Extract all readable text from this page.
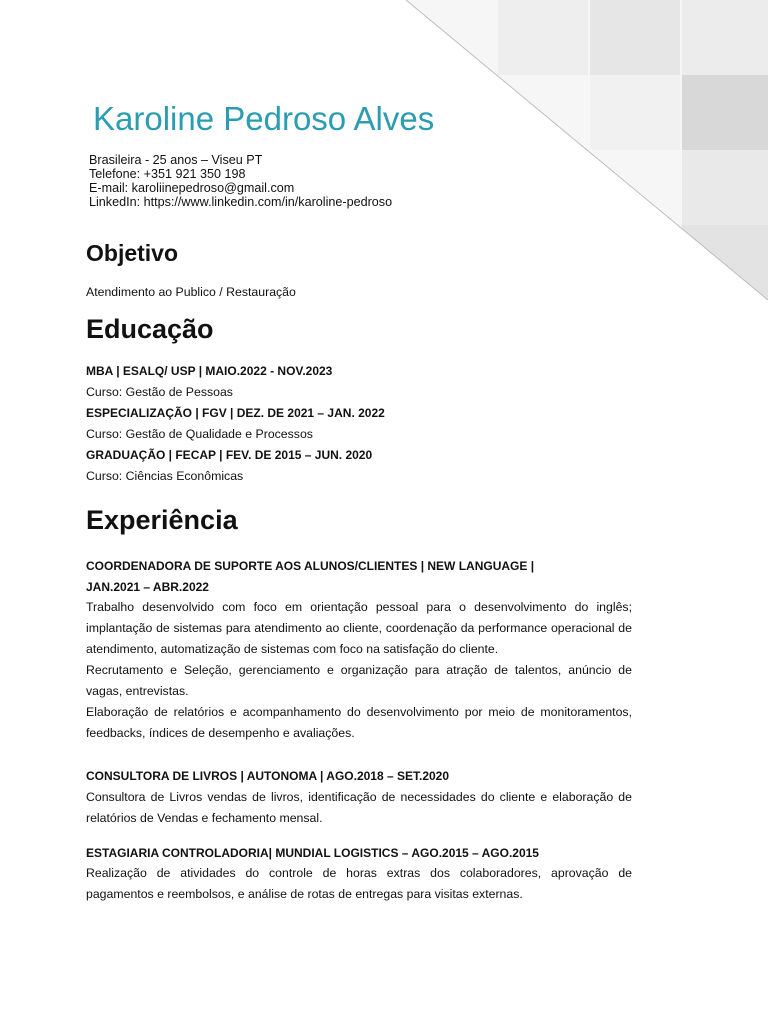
Karoline Pedroso Alves
Brasileira - 25 anos – Viseu PT
Telefone: +351 921 350 198
E-mail: karoliinepedroso@gmail.com
LinkedIn: https://www.linkedin.com/in/karoline-pedroso
Objetivo
Atendimento ao Publico / Restauração
Educação
MBA | ESALQ/ USP | MAIO.2022 - NOV.2023
Curso: Gestão de Pessoas
ESPECIALIZAÇÃO | FGV | DEZ. DE 2021 – JAN. 2022
Curso: Gestão de Qualidade e Processos
GRADUAÇÃO | FECAP | FEV. DE 2015 – JUN. 2020
Curso: Ciências Econômicas
Experiência
COORDENADORA DE SUPORTE AOS ALUNOS/CLIENTES | NEW LANGUAGE |
JAN.2021 – ABR.2022
Trabalho desenvolvido com foco em orientação pessoal para o desenvolvimento do inglês; implantação de sistemas para atendimento ao cliente, coordenação da performance operacional de atendimento, automatização de sistemas com foco na satisfação do cliente.
Recrutamento e Seleção, gerenciamento e organização para atração de talentos, anúncio de vagas, entrevistas.
Elaboração de relatórios e acompanhamento do desenvolvimento por meio de monitoramentos, feedbacks, índices de desempenho e avaliações.
CONSULTORA DE LIVROS | AUTONOMA | AGO.2018 – SET.2020
Consultora de Livros vendas de livros, identificação de necessidades do cliente e elaboração de relatórios de Vendas e fechamento mensal.
ESTAGIARIA CONTROLADORIA| MUNDIAL LOGISTICS – AGO.2015 – AGO.2015
Realização de atividades do controle de horas extras dos colaboradores, aprovação de pagamentos e reembolsos, e análise de rotas de entregas para visitas externas.
